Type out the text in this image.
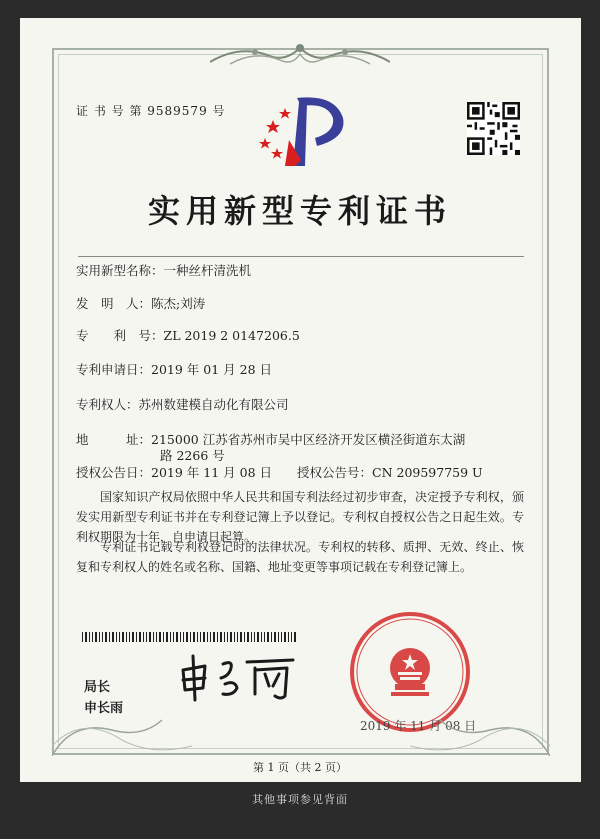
证 书 号 第 9589579 号
实用新型专利证书
实用新型名称：一种丝杆清洗机
发　明　人：陈杰;刘涛
专　　利　号：ZL 2019 2 0147206.5
专利申请日：2019 年 01 月 28 日
专利权人：苏州数建模自动化有限公司
地　　　址：215000 江苏省苏州市吴中区经济开发区横泾街道东太湖
路 2266 号
授权公告日：2019 年 11 月 08 日 授权公告号：CN 209597759 U
国家知识产权局依照中华人民共和国专利法经过初步审查，决定授予专利权，颁发实用新型专利证书并在专利登记簿上予以登记。专利权自授权公告之日起生效。专利权期限为十年，自申请日起算。
专利证书记载专利权登记时的法律状况。专利权的转移、质押、无效、终止、恢复和专利权人的姓名或名称、国籍、地址变更等事项记载在专利登记簿上。
局长
申长雨
2019 年 11 月 08 日
第 1 页（共 2 页）
其他事项参见背面
